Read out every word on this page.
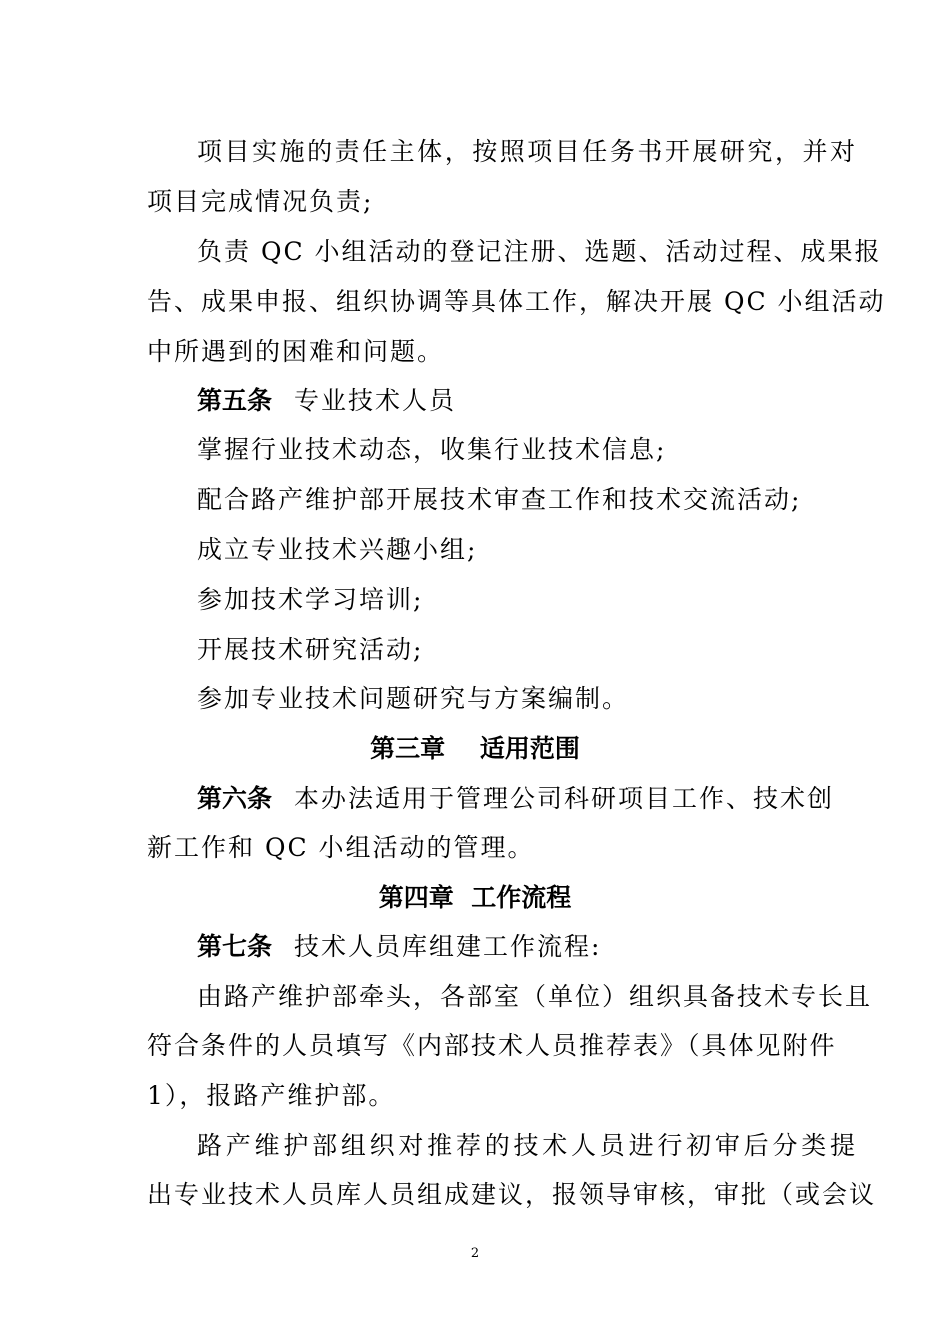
项目实施的责任主体，按照项目任务书开展研究，并对
项目完成情况负责;
负责 QC 小组活动的登记注册、选题、活动过程、成果报
告、成果申报、组织协调等具体工作，解决开展 QC 小组活动
中所遇到的困难和问题。
第五条 专业技术人员
掌握行业技术动态，收集行业技术信息;
配合路产维护部开展技术审查工作和技术交流活动;
成立专业技术兴趣小组;
参加技术学习培训;
开展技术研究活动;
参加专业技术问题研究与方案编制。
第三章    适用范围
第六条 本办法适用于管理公司科研项目工作、技术创
新工作和 QC 小组活动的管理。
第四章  工作流程
第七条 技术人员库组建工作流程:
由路产维护部牵头，各部室（单位）组织具备技术专长且
符合条件的人员填写《内部技术人员推荐表》（具体见附件
1），报路产维护部。
路产维护部组织对推荐的技术人员进行初审后分类提
出专业技术人员库人员组成建议，报领导审核，审批（或会议
2
